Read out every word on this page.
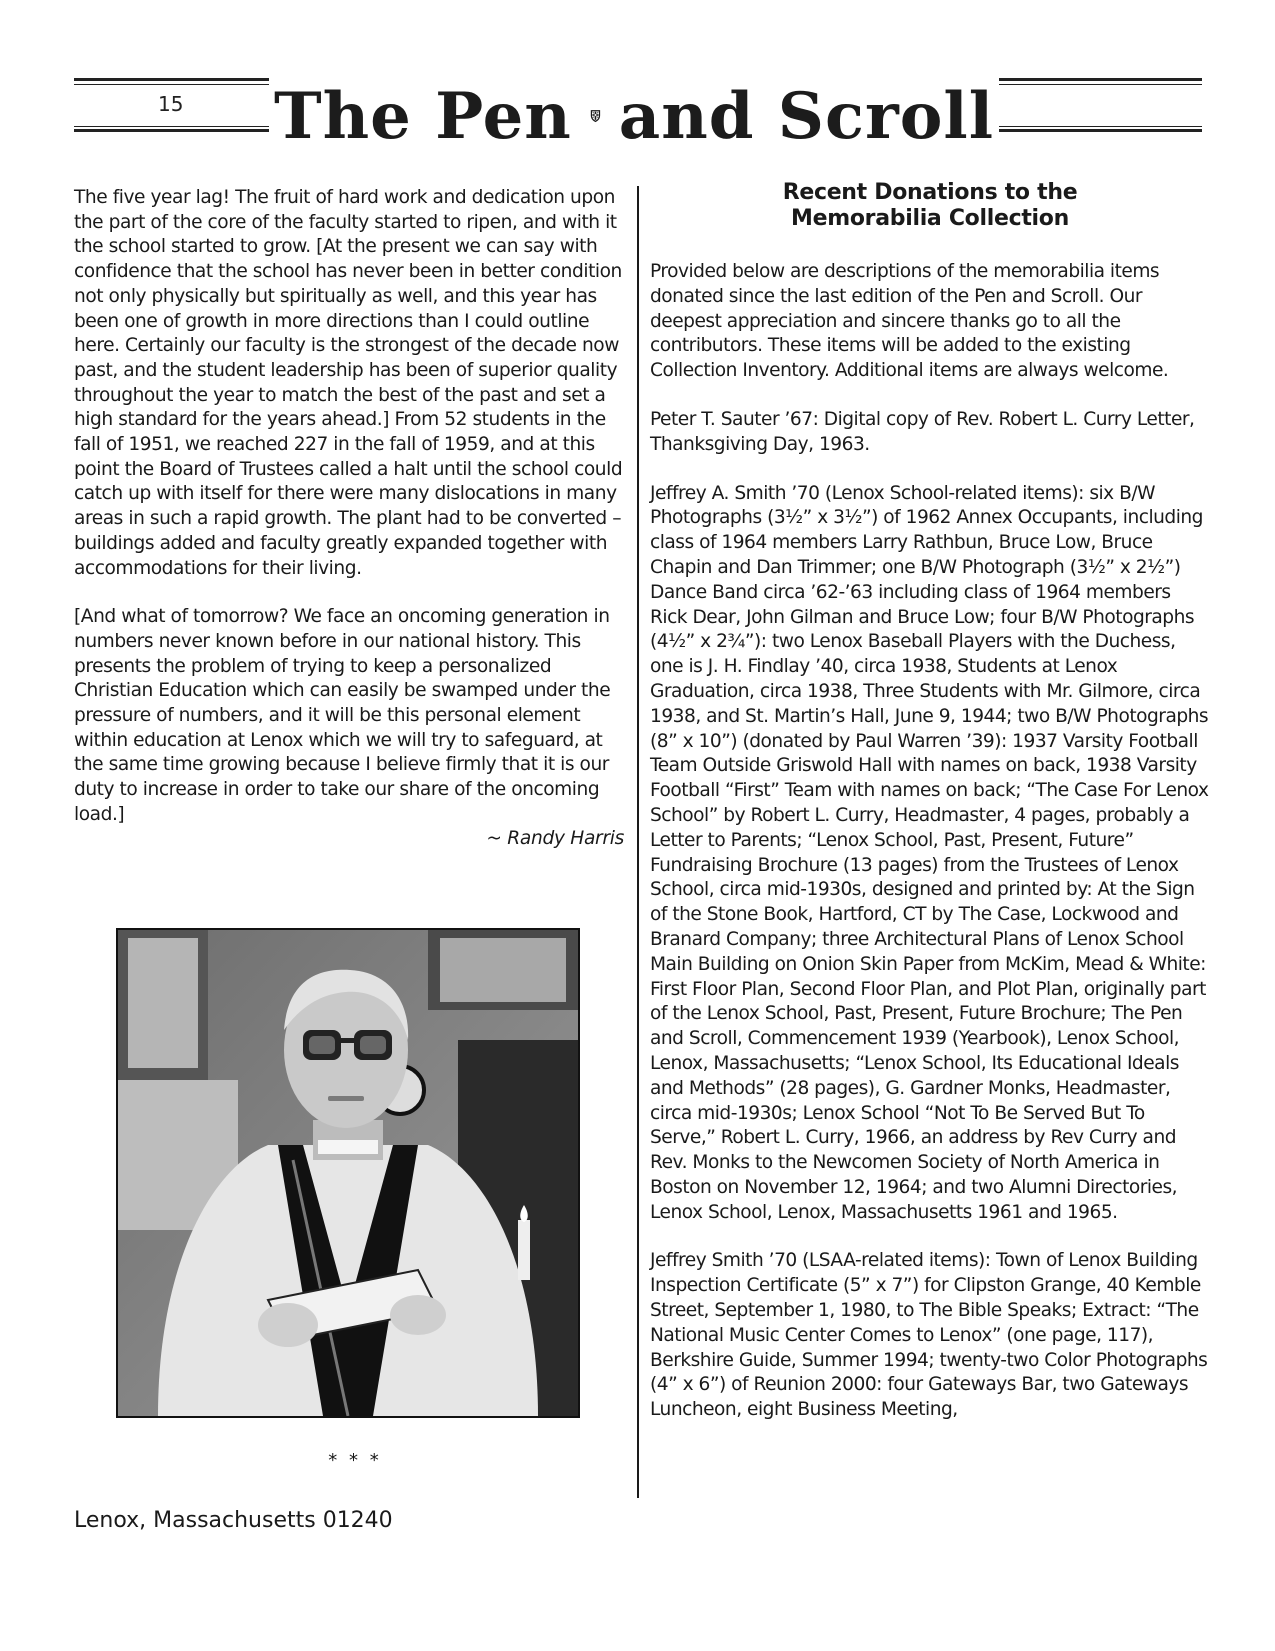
15 The Pen and Scroll

The five year lag! The fruit of hard work and dedication upon the part of the core of the faculty started to ripen, and with it the school started to grow. [At the present we can say with confidence that the school has never been in better condition not only physically but spiritually as well, and this year has been one of growth in more directions than I could outline here. Certainly our faculty is the strongest of the decade now past, and the student leadership has been of superior quality throughout the year to match the best of the past and set a high standard for the years ahead.] From 52 students in the fall of 1951, we reached 227 in the fall of 1959, and at this point the Board of Trustees called a halt until the school could catch up with itself for there were many dislocations in many areas in such a rapid growth. The plant had to be converted – buildings added and faculty greatly expanded together with accommodations for their living.

[And what of tomorrow? We face an oncoming generation in numbers never known before in our national history. This presents the problem of trying to keep a personalized Christian Education which can easily be swamped under the pressure of numbers, and it will be this personal element within education at Lenox which we will try to safeguard, at the same time growing because I believe firmly that it is our duty to increase in order to take our share of the oncoming load.]

~ Randy Harris

* * *
Lenox, Massachusetts 01240
Recent Donations to the Memorabilia Collection

Provided below are descriptions of the memorabilia items donated since the last edition of the Pen and Scroll. Our deepest appreciation and sincere thanks go to all the contributors. These items will be added to the existing Collection Inventory. Additional items are always welcome.

Peter T. Sauter ’67: Digital copy of Rev. Robert L. Curry Letter, Thanksgiving Day, 1963.

Jeffrey A. Smith ’70 (Lenox School-related items): six B/W Photographs (3½” x 3½”) of 1962 Annex Occupants, including class of 1964 members Larry Rathbun, Bruce Low, Bruce Chapin and Dan Trimmer; one B/W Photograph (3½” x 2½”) Dance Band circa ’62-’63 including class of 1964 members Rick Dear, John Gilman and Bruce Low; four B/W Photographs (4½” x 2¾”): two Lenox Baseball Players with the Duchess, one is J. H. Findlay ’40, circa 1938, Students at Lenox Graduation, circa 1938, Three Students with Mr. Gilmore, circa 1938, and St. Martin’s Hall, June 9, 1944; two B/W Photographs (8” x 10”) (donated by Paul Warren ’39): 1937 Varsity Football Team Outside Griswold Hall with names on back, 1938 Varsity Football “First” Team with names on back; “The Case For Lenox School” by Robert L. Curry, Headmaster, 4 pages, probably a Letter to Parents; “Lenox School, Past, Present, Future” Fundraising Brochure (13 pages) from the Trustees of Lenox School, circa mid-1930s, designed and printed by: At the Sign of the Stone Book, Hartford, CT by The Case, Lockwood and Branard Company; three Architectural Plans of Lenox School Main Building on Onion Skin Paper from McKim, Mead & White: First Floor Plan, Second Floor Plan, and Plot Plan, originally part of the Lenox School, Past, Present, Future Brochure; The Pen and Scroll, Commencement 1939 (Yearbook), Lenox School, Lenox, Massachusetts; “Lenox School, Its Educational Ideals and Methods” (28 pages), G. Gardner Monks, Headmaster, circa mid-1930s; Lenox School “Not To Be Served But To Serve,” Robert L. Curry, 1966, an address by Rev Curry and Rev. Monks to the Newcomen Society of North America in Boston on November 12, 1964; and two Alumni Directories, Lenox School, Lenox, Massachusetts 1961 and 1965.

Jeffrey Smith ’70 (LSAA-related items): Town of Lenox Building Inspection Certificate (5” x 7”) for Clipston Grange, 40 Kemble Street, September 1, 1980, to The Bible Speaks; Extract: “The National Music Center Comes to Lenox” (one page, 117), Berkshire Guide, Summer 1994; twenty-two Color Photographs (4” x 6”) of Reunion 2000: four Gateways Bar, two Gateways Luncheon, eight Business Meeting,
